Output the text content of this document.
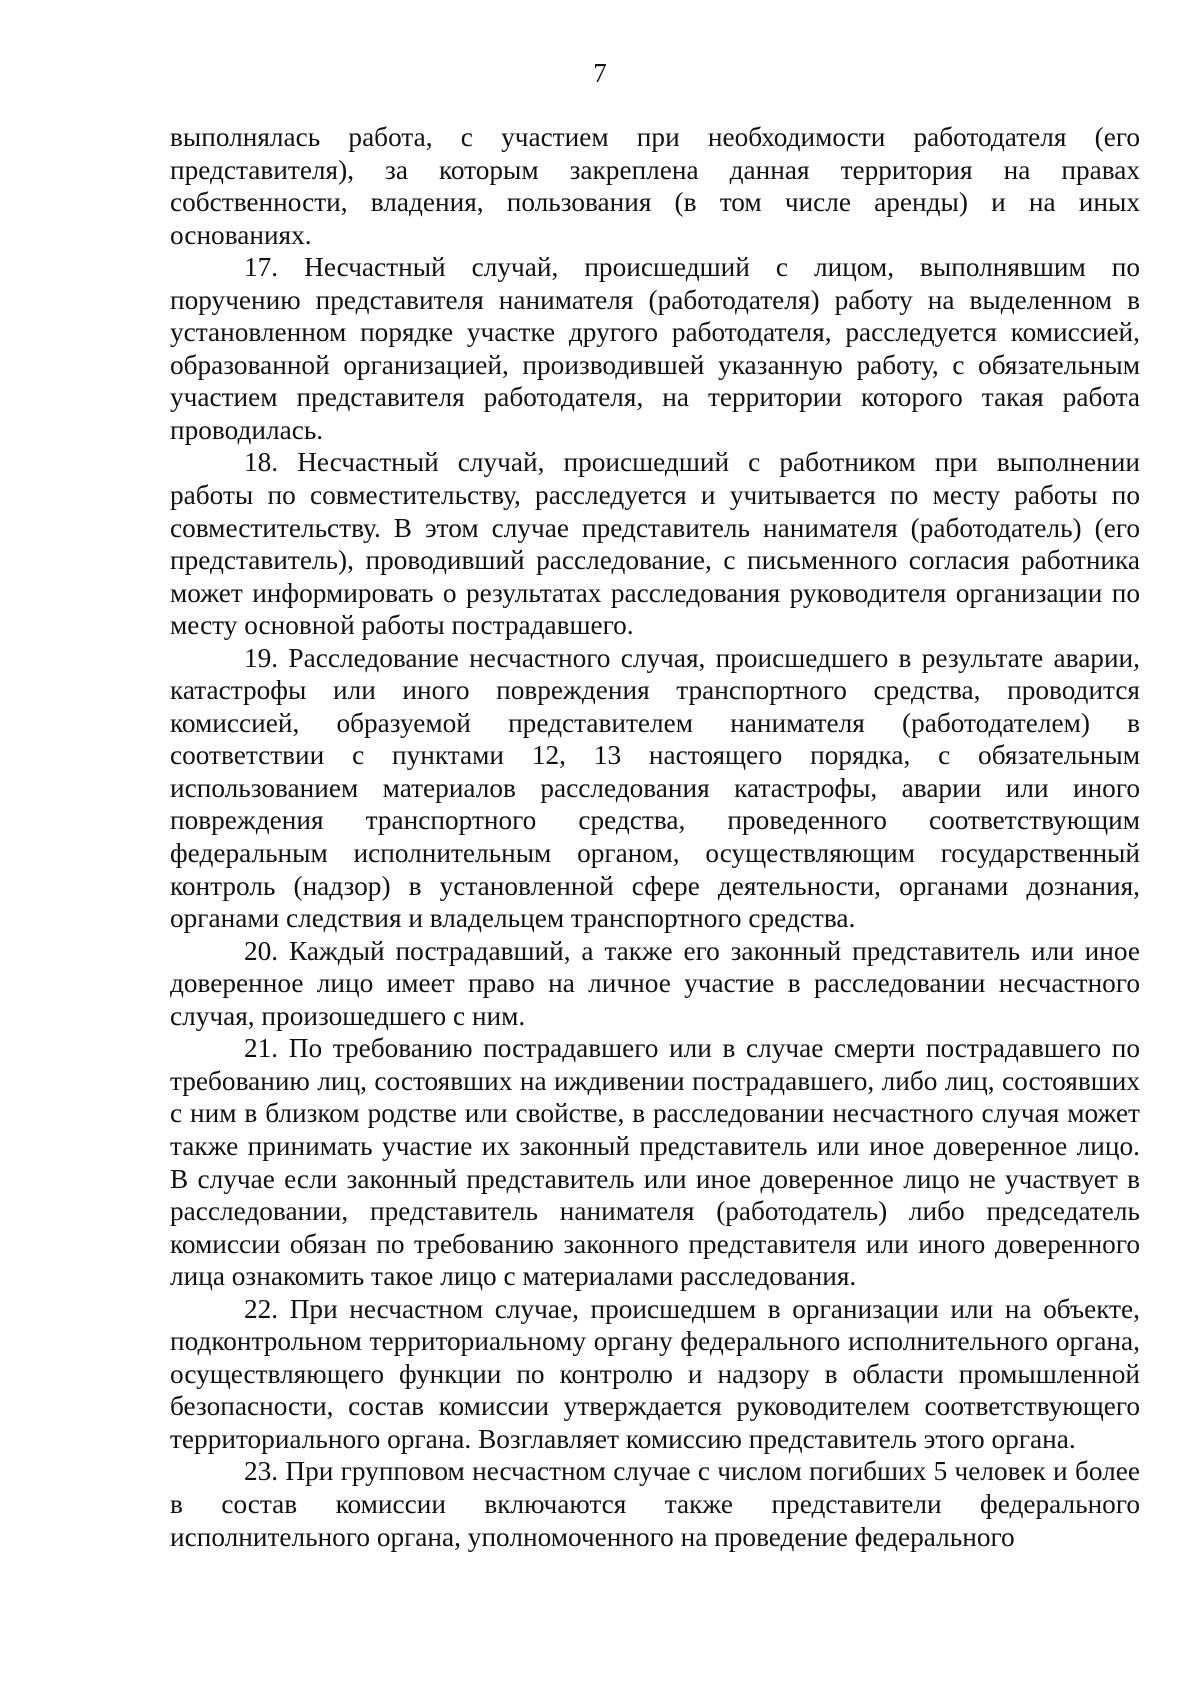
7

выполнялась работа, с участием при необходимости работодателя (его представителя), за которым закреплена данная территория на правах собственности, владения, пользования (в том числе аренды) и на иных основаниях.

17. Несчастный случай, происшедший с лицом, выполнявшим по поручению представителя нанимателя (работодателя) работу на выделенном в установленном порядке участке другого работодателя, расследуется комиссией, образованной организацией, производившей указанную работу, с обязательным участием представителя работодателя, на территории которого такая работа проводилась.

18. Несчастный случай, происшедший с работником при выполнении работы по совместительству, расследуется и учитывается по месту работы по совместительству. В этом случае представитель нанимателя (работодатель) (его представитель), проводивший расследование, с письменного согласия работника может информировать о результатах расследования руководителя организации по месту основной работы пострадавшего.

19. Расследование несчастного случая, происшедшего в результате аварии, катастрофы или иного повреждения транспортного средства, проводится комиссией, образуемой представителем нанимателя (работодателем) в соответствии с пунктами 12, 13 настоящего порядка, с обязательным использованием материалов расследования катастрофы, аварии или иного повреждения транспортного средства, проведенного соответствующим федеральным исполнительным органом, осуществляющим государственный контроль (надзор) в установленной сфере деятельности, органами дознания, органами следствия и владельцем транспортного средства.

20. Каждый пострадавший, а также его законный представитель или иное доверенное лицо имеет право на личное участие в расследовании несчастного случая, произошедшего с ним.

21. По требованию пострадавшего или в случае смерти пострадавшего по требованию лиц, состоявших на иждивении пострадавшего, либо лиц, состоявших с ним в близком родстве или свойстве, в расследовании несчастного случая может также принимать участие их законный представитель или иное доверенное лицо. В случае если законный представитель или иное доверенное лицо не участвует в расследовании, представитель нанимателя (работодатель) либо председатель комиссии обязан по требованию законного представителя или иного доверенного лица ознакомить такое лицо с материалами расследования.

22. При несчастном случае, происшедшем в организации или на объекте, подконтрольном территориальному органу федерального исполнительного органа, осуществляющего функции по контролю и надзору в области промышленной безопасности, состав комиссии утверждается руководителем соответствующего территориального органа. Возглавляет комиссию представитель этого органа.

23. При групповом несчастном случае с числом погибших 5 человек и более в состав комиссии включаются также представители федерального исполнительного органа, уполномоченного на проведение федерального
